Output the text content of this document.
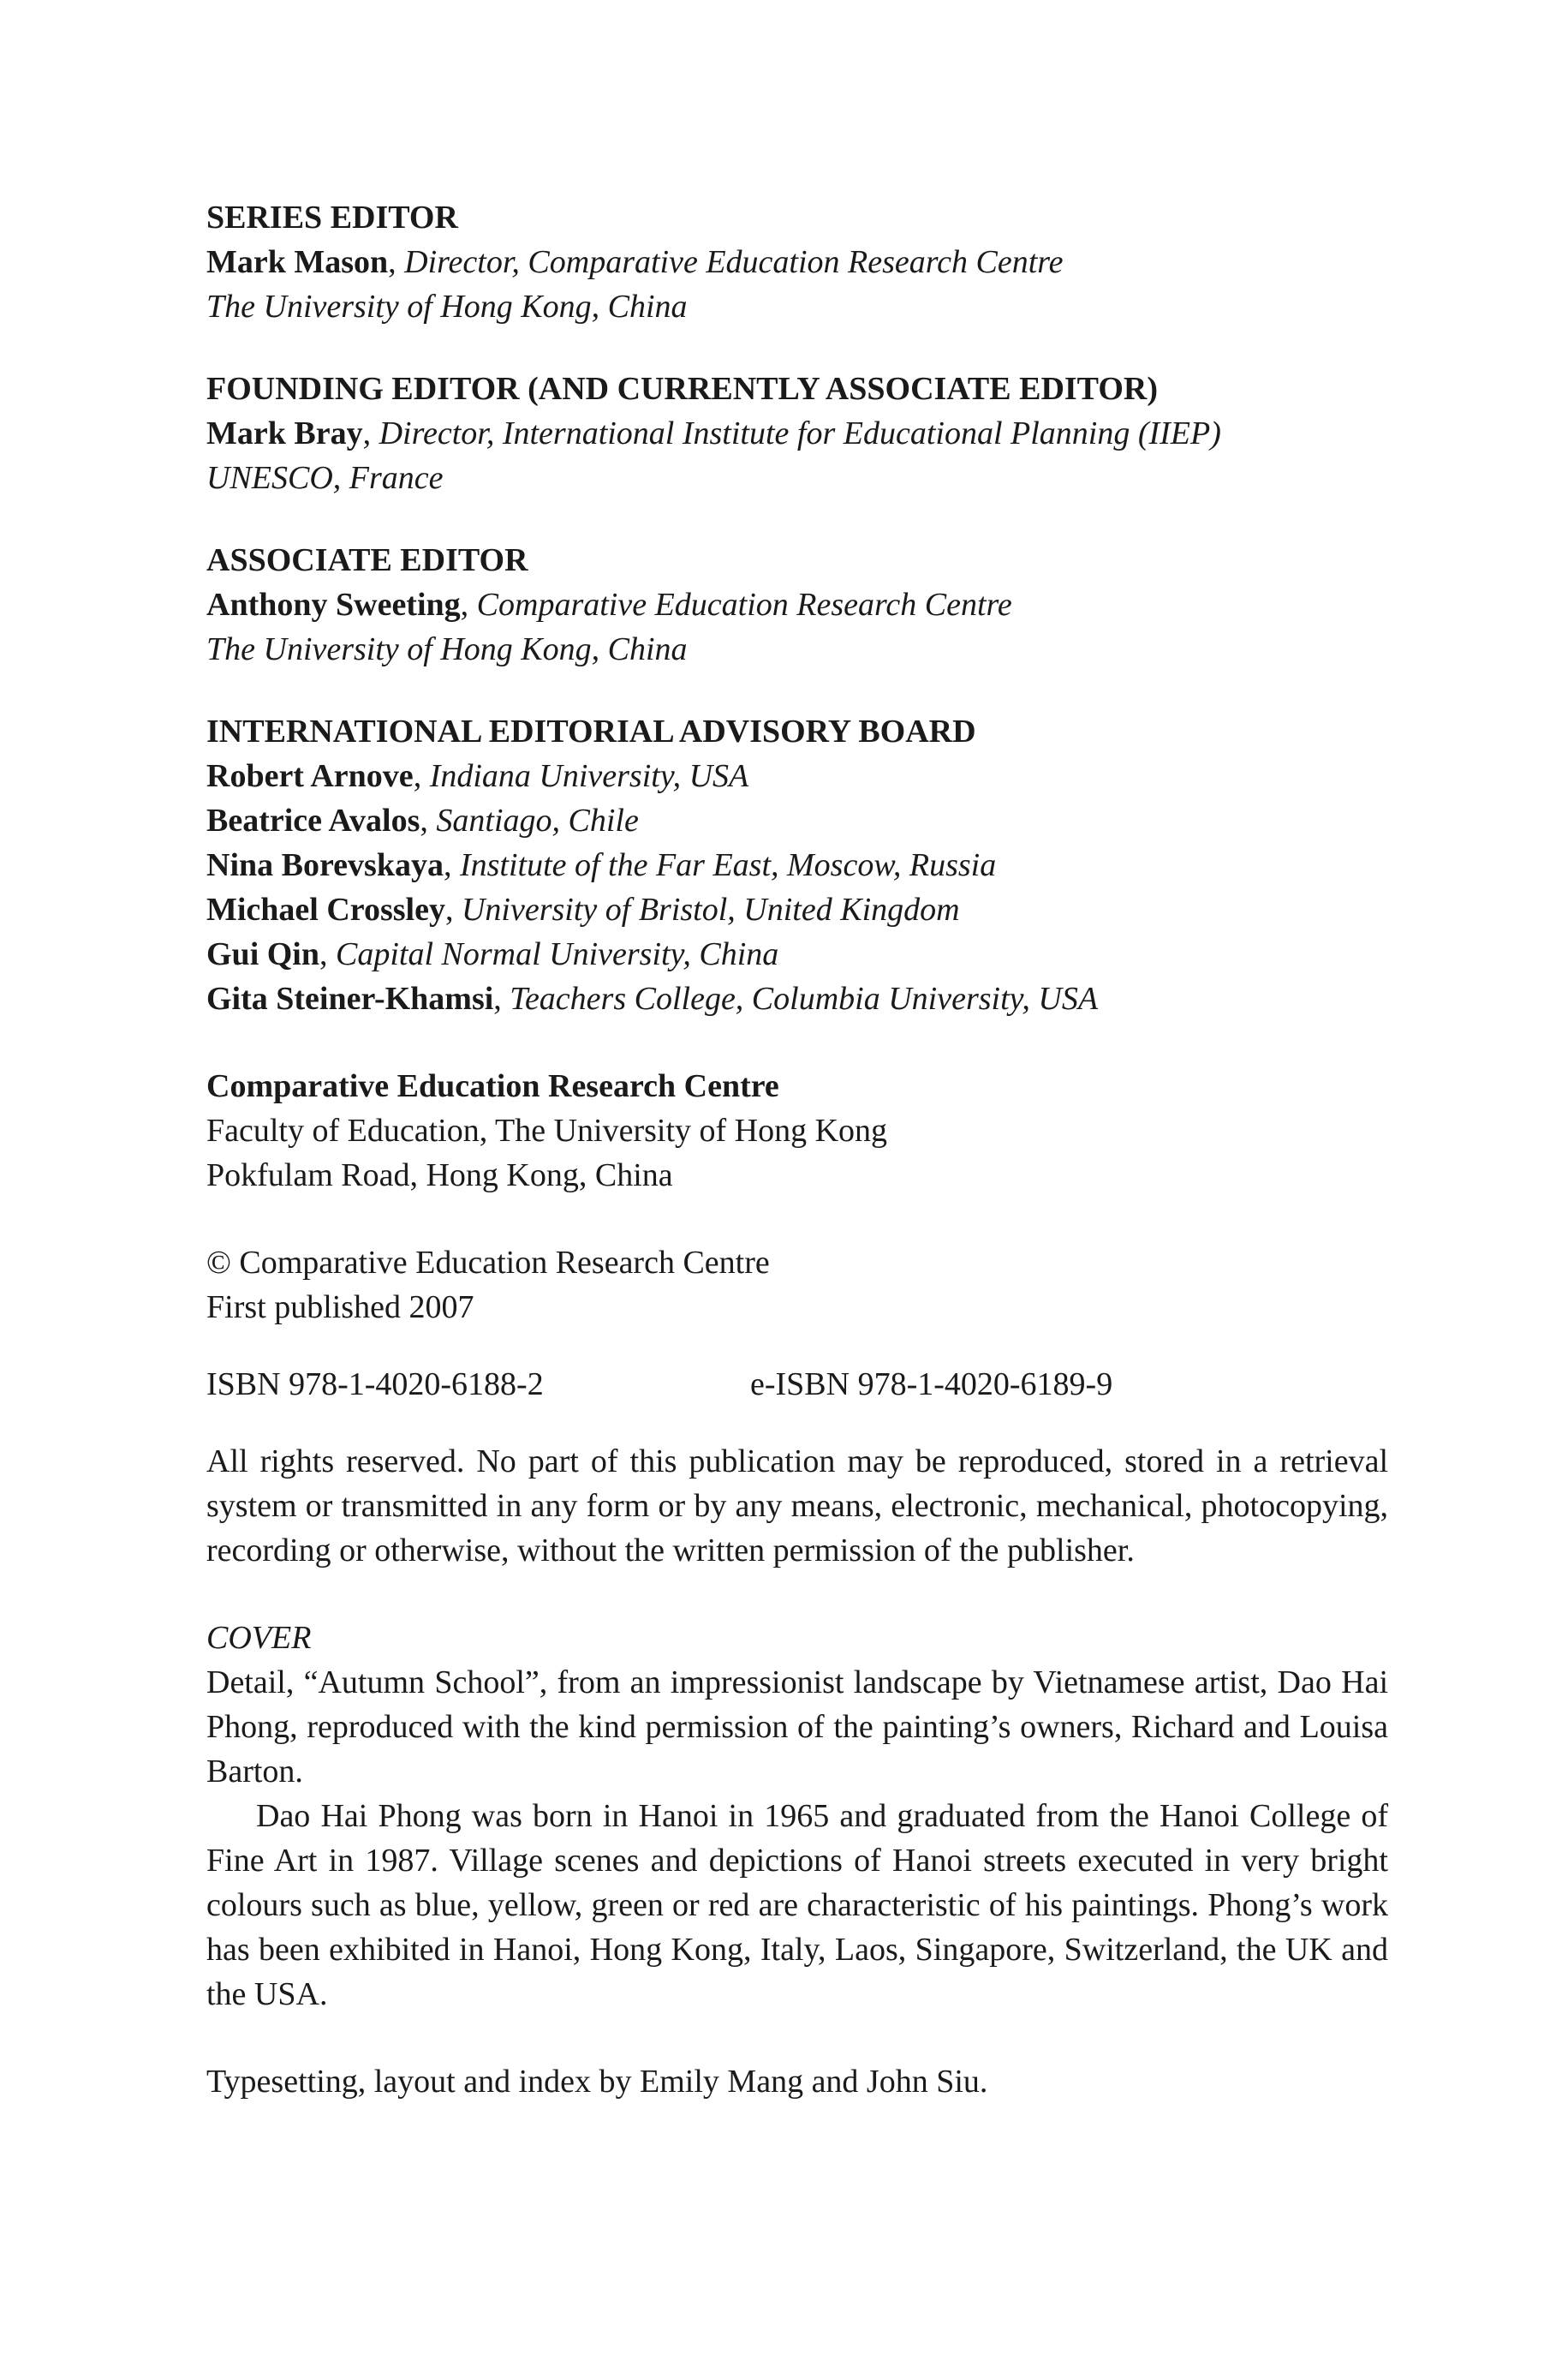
SERIES EDITOR
Mark Mason, Director, Comparative Education Research Centre
The University of Hong Kong, China
FOUNDING EDITOR (AND CURRENTLY ASSOCIATE EDITOR)
Mark Bray, Director, International Institute for Educational Planning (IIEP)
UNESCO, France
ASSOCIATE EDITOR
Anthony Sweeting, Comparative Education Research Centre
The University of Hong Kong, China
INTERNATIONAL EDITORIAL ADVISORY BOARD
Robert Arnove, Indiana University, USA
Beatrice Avalos, Santiago, Chile
Nina Borevskaya, Institute of the Far East, Moscow, Russia
Michael Crossley, University of Bristol, United Kingdom
Gui Qin, Capital Normal University, China
Gita Steiner-Khamsi, Teachers College, Columbia University, USA
Comparative Education Research Centre
Faculty of Education, The University of Hong Kong
Pokfulam Road, Hong Kong, China
© Comparative Education Research Centre
First published 2007
ISBN 978-1-4020-6188-2	e-ISBN 978-1-4020-6189-9

All rights reserved. No part of this publication may be reproduced, stored in a retrieval system or transmitted in any form or by any means, electronic, mechanical, photocopying, recording or otherwise, without the written permission of the publisher.

COVER

Detail, “Autumn School”, from an impressionist landscape by Vietnamese artist, Dao Hai Phong, reproduced with the kind permission of the painting’s owners, Richard and Louisa Barton.

Dao Hai Phong was born in Hanoi in 1965 and graduated from the Hanoi College of Fine Art in 1987. Village scenes and depictions of Hanoi streets executed in very bright colours such as blue, yellow, green or red are characteristic of his paintings. Phong’s work has been exhibited in Hanoi, Hong Kong, Italy, Laos, Singapore, Switzerland, the UK and the USA.

Typesetting, layout and index by Emily Mang and John Siu.
